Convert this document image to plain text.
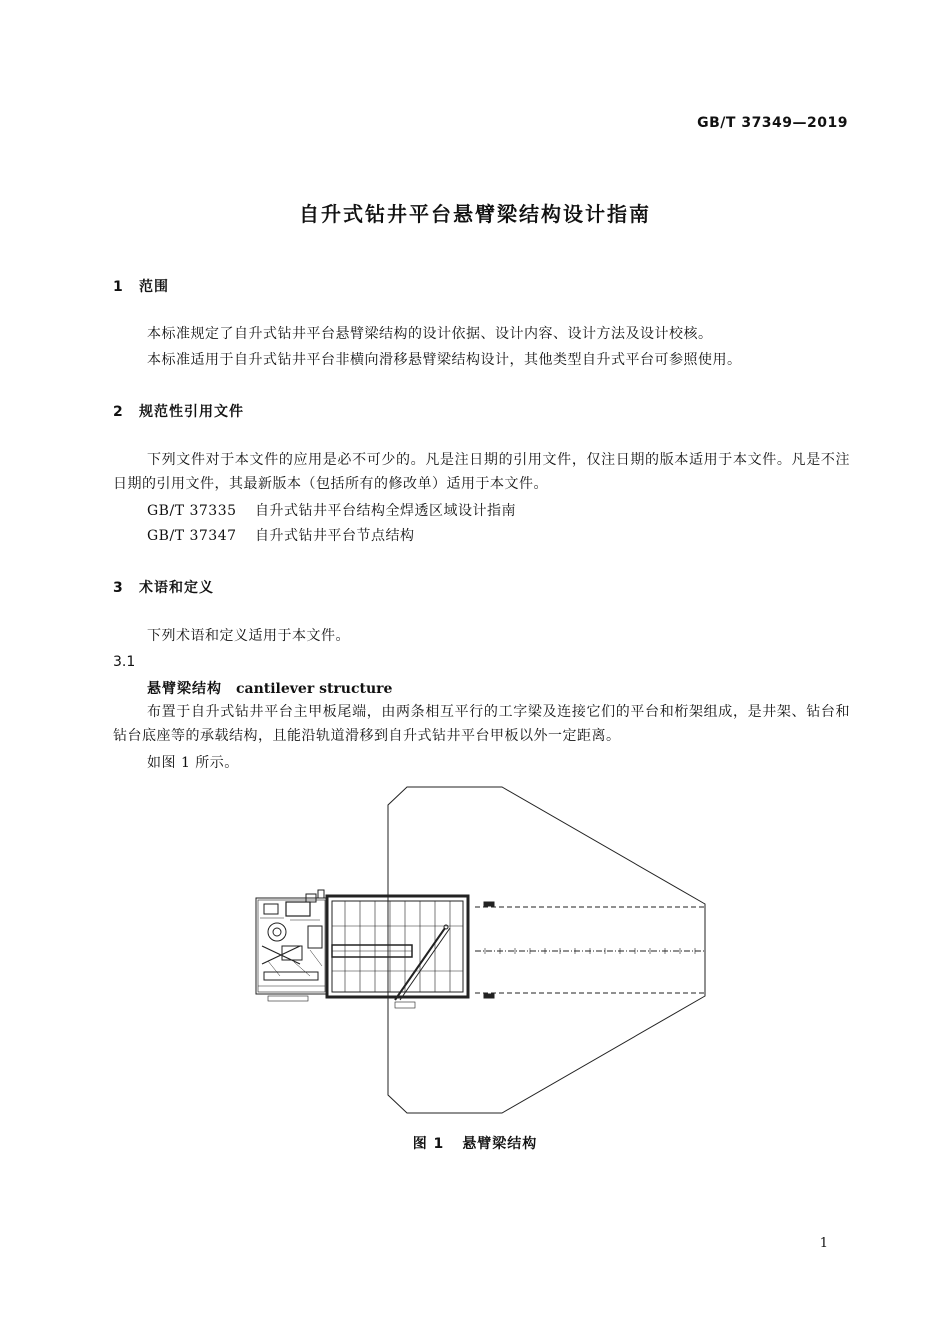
GB/T 37349—2019
自升式钻井平台悬臂梁结构设计指南
1 范围
本标准规定了自升式钻井平台悬臂梁结构的设计依据、设计内容、设计方法及设计校核。
本标准适用于自升式钻井平台非横向滑移悬臂梁结构设计，其他类型自升式平台可参照使用。
2 规范性引用文件
下列文件对于本文件的应用是必不可少的。凡是注日期的引用文件，仅注日期的版本适用于本文件。凡是不注日期的引用文件，其最新版本（包括所有的修改单）适用于本文件。
GB/T 37335 自升式钻井平台结构全焊透区域设计指南
GB/T 37347 自升式钻井平台节点结构
3 术语和定义
下列术语和定义适用于本文件。
3.1
悬臂梁结构 cantilever structure
布置于自升式钻井平台主甲板尾端，由两条相互平行的工字梁及连接它们的平台和桁架组成，是井架、钻台和钻台底座等的承载结构，且能沿轨道滑移到自升式钻井平台甲板以外一定距离。
如图 1 所示。
图 1 悬臂梁结构
1
